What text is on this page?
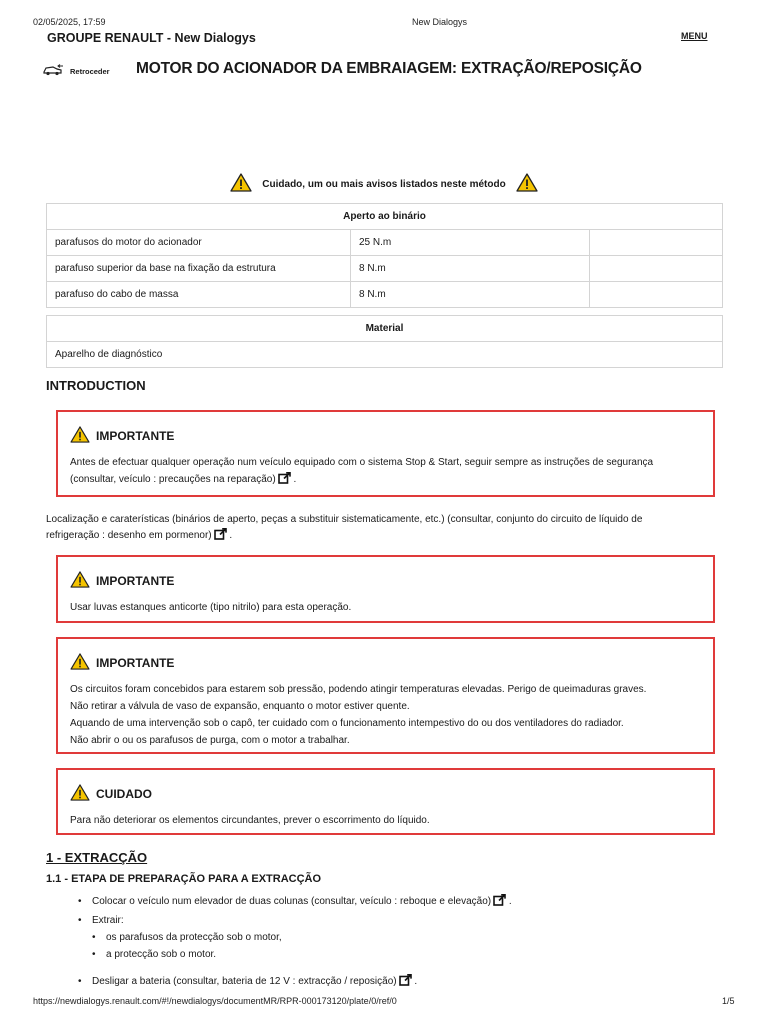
02/05/2025, 17:59	New Dialogys
GROUPE RENAULT - New Dialogys	MENU
Retroceder MOTOR DO ACIONADOR DA EMBRAIAGEM: EXTRAÇÃO/REPOSIÇÃO
Cuidado, um ou mais avisos listados neste método
Aperto ao binário		
parafusos do motor do acionador	25 N.m	
parafuso superior da base na fixação da estrutura	8 N.m	
parafuso do cabo de massa	8 N.m	
Material
Aparelho de diagnóstico
INTRODUCTION
IMPORTANTE
Antes de efectuar qualquer operação num veículo equipado com o sistema Stop & Start, seguir sempre as instruções de segurança
(consultar, veículo : precauções na reparação) .
Localização e caraterísticas (binários de aperto, peças a substituir sistematicamente, etc.) (consultar, conjunto do circuito de líquido de
refrigeração : desenho em pormenor) .
IMPORTANTE
Usar luvas estanques anticorte (tipo nitrilo) para esta operação.
IMPORTANTE
Os circuitos foram concebidos para estarem sob pressão, podendo atingir temperaturas elevadas. Perigo de queimaduras graves.
Não retirar a válvula de vaso de expansão, enquanto o motor estiver quente.
Aquando de uma intervenção sob o capô, ter cuidado com o funcionamento intempestivo do ou dos ventiladores do radiador.
Não abrir o ou os parafusos de purga, com o motor a trabalhar.
CUIDADO
Para não deteriorar os elementos circundantes, prever o escorrimento do líquido.
1 - EXTRACÇÃO
1.1 - ETAPA DE PREPARAÇÃO PARA A EXTRACÇÃO
• Colocar o veículo num elevador de duas colunas (consultar, veículo : reboque e elevação) .
• Extrair:
• os parafusos da protecção sob o motor,
• a protecção sob o motor.
• Desligar a bateria (consultar, bateria de 12 V : extracção / reposição) .
https://newdialogys.renault.com/#!/newdialogys/documentMR/RPR-000173120/plate/0/ref/0	1/5
